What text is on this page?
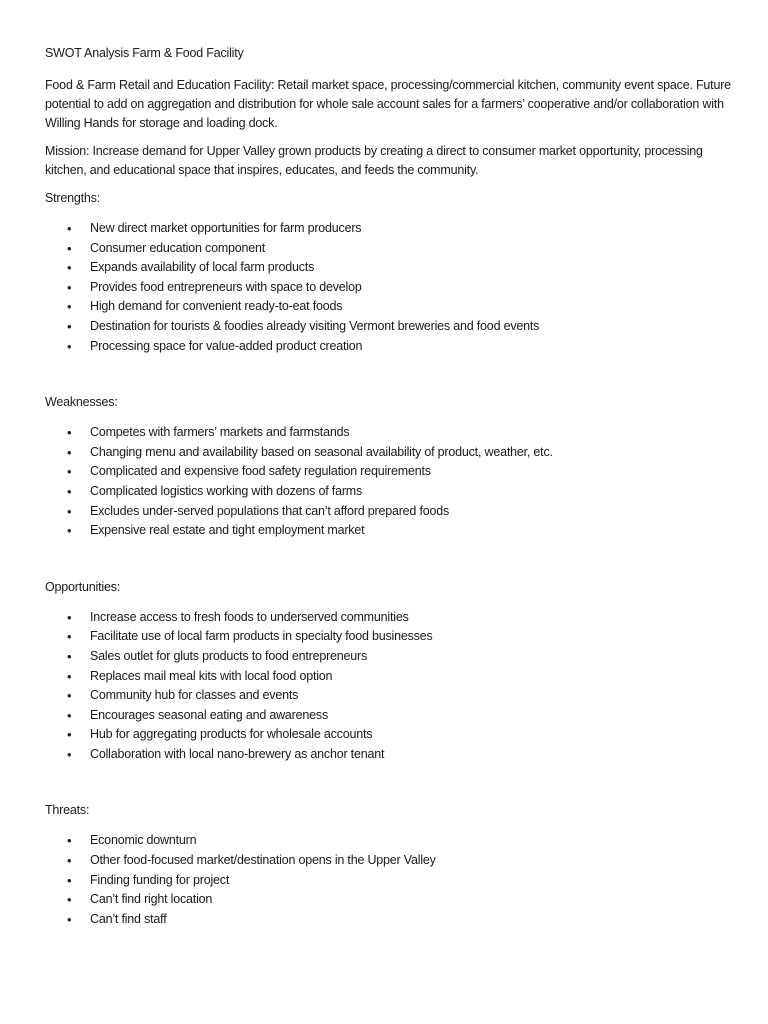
SWOT Analysis Farm & Food Facility

Food & Farm Retail and Education Facility: Retail market space, processing/commercial kitchen, community event space. Future potential to add on aggregation and distribution for whole sale account sales for a farmers’ cooperative and/or collaboration with Willing Hands for storage and loading dock.

Mission: Increase demand for Upper Valley grown products by creating a direct to consumer market opportunity, processing kitchen, and educational space that inspires, educates, and feeds the community.

Strengths:

• New direct market opportunities for farm producers
• Consumer education component
• Expands availability of local farm products
• Provides food entrepreneurs with space to develop
• High demand for convenient ready-to-eat foods
• Destination for tourists & foodies already visiting Vermont breweries and food events
• Processing space for value-added product creation

Weaknesses:

• Competes with farmers’ markets and farmstands
• Changing menu and availability based on seasonal availability of product, weather, etc.
• Complicated and expensive food safety regulation requirements
• Complicated logistics working with dozens of farms
• Excludes under-served populations that can’t afford prepared foods
• Expensive real estate and tight employment market

Opportunities:

• Increase access to fresh foods to underserved communities
• Facilitate use of local farm products in specialty food businesses
• Sales outlet for gluts products to food entrepreneurs
• Replaces mail meal kits with local food option
• Community hub for classes and events
• Encourages seasonal eating and awareness
• Hub for aggregating products for wholesale accounts
• Collaboration with local nano-brewery as anchor tenant

Threats:

• Economic downturn
• Other food-focused market/destination opens in the Upper Valley
• Finding funding for project
• Can’t find right location
• Can’t find staff
